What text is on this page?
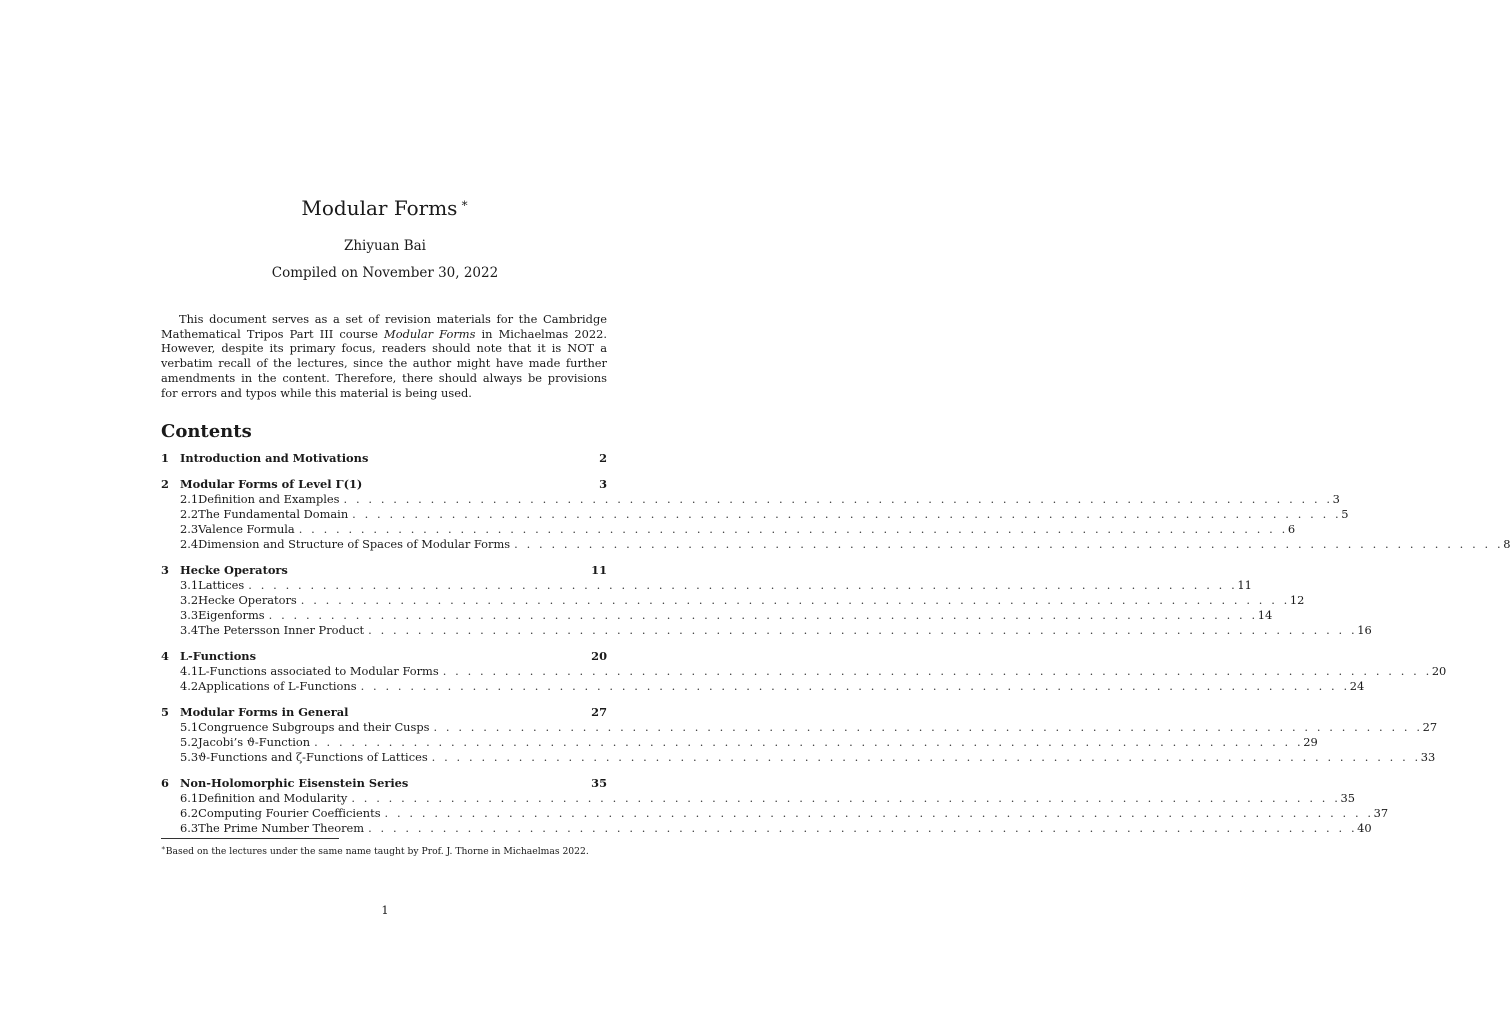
Modular Forms ∗
Zhiyuan Bai
Compiled on November 30, 2022
This document serves as a set of revision materials for the Cambridge Mathematical Tripos Part III course Modular Forms in Michaelmas 2022. However, despite its primary focus, readers should note that it is NOT a verbatim recall of the lectures, since the author might have made further amendments in the content. Therefore, there should always be provisions for errors and typos while this material is being used.
Contents
1 Introduction and Motivations	2
2 Modular Forms of Level Γ(1)	3
2.1 Definition and Examples . . . . . . . . . . . . . . . . . . . . . . . . . . . . . . . . . . . . . . . . . . . . . . . . . . . . . . . . . . . . . . . . . . . . . . . . . . . . . . . . 3
2.2 The Fundamental Domain . . . . . . . . . . . . . . . . . . . . . . . . . . . . . . . . . . . . . . . . . . . . . . . . . . . . . . . . . . . . . . . . . . . . . . . . . . . . . . . . 5
2.3 Valence Formula . . . . . . . . . . . . . . . . . . . . . . . . . . . . . . . . . . . . . . . . . . . . . . . . . . . . . . . . . . . . . . . . . . . . . . . . . . . . . . . . 6
2.4 Dimension and Structure of Spaces of Modular Forms . . . . . . . . . . . . . . . . . . . . . . . . . . . . . . . . . . . . . . . . . . . . . . . . . . . . . . . . . . . . . . . . . . . . . . . . . . . . . . . . 8
3 Hecke Operators	11
3.1 Lattices . . . . . . . . . . . . . . . . . . . . . . . . . . . . . . . . . . . . . . . . . . . . . . . . . . . . . . . . . . . . . . . . . . . . . . . . . . . . . . . . 11
3.2 Hecke Operators . . . . . . . . . . . . . . . . . . . . . . . . . . . . . . . . . . . . . . . . . . . . . . . . . . . . . . . . . . . . . . . . . . . . . . . . . . . . . . . . 12
3.3 Eigenforms . . . . . . . . . . . . . . . . . . . . . . . . . . . . . . . . . . . . . . . . . . . . . . . . . . . . . . . . . . . . . . . . . . . . . . . . . . . . . . . . 14
3.4 The Petersson Inner Product . . . . . . . . . . . . . . . . . . . . . . . . . . . . . . . . . . . . . . . . . . . . . . . . . . . . . . . . . . . . . . . . . . . . . . . . . . . . . . . . 16
4 L-Functions	20
4.1 L-Functions associated to Modular Forms . . . . . . . . . . . . . . . . . . . . . . . . . . . . . . . . . . . . . . . . . . . . . . . . . . . . . . . . . . . . . . . . . . . . . . . . . . . . . . . . 20
4.2 Applications of L-Functions . . . . . . . . . . . . . . . . . . . . . . . . . . . . . . . . . . . . . . . . . . . . . . . . . . . . . . . . . . . . . . . . . . . . . . . . . . . . . . . . 24
5 Modular Forms in General	27
5.1 Congruence Subgroups and their Cusps . . . . . . . . . . . . . . . . . . . . . . . . . . . . . . . . . . . . . . . . . . . . . . . . . . . . . . . . . . . . . . . . . . . . . . . . . . . . . . . . 27
5.2 Jacobi’s ϑ-Function . . . . . . . . . . . . . . . . . . . . . . . . . . . . . . . . . . . . . . . . . . . . . . . . . . . . . . . . . . . . . . . . . . . . . . . . . . . . . . . . 29
5.3 ϑ-Functions and ζ-Functions of Lattices . . . . . . . . . . . . . . . . . . . . . . . . . . . . . . . . . . . . . . . . . . . . . . . . . . . . . . . . . . . . . . . . . . . . . . . . . . . . . . . . 33
6 Non-Holomorphic Eisenstein Series	35
6.1 Definition and Modularity . . . . . . . . . . . . . . . . . . . . . . . . . . . . . . . . . . . . . . . . . . . . . . . . . . . . . . . . . . . . . . . . . . . . . . . . . . . . . . . . 35
6.2 Computing Fourier Coefficients . . . . . . . . . . . . . . . . . . . . . . . . . . . . . . . . . . . . . . . . . . . . . . . . . . . . . . . . . . . . . . . . . . . . . . . . . . . . . . . . 37
6.3 The Prime Number Theorem . . . . . . . . . . . . . . . . . . . . . . . . . . . . . . . . . . . . . . . . . . . . . . . . . . . . . . . . . . . . . . . . . . . . . . . . . . . . . . . . 40
∗Based on the lectures under the same name taught by Prof. J. Thorne in Michaelmas 2022.
1
